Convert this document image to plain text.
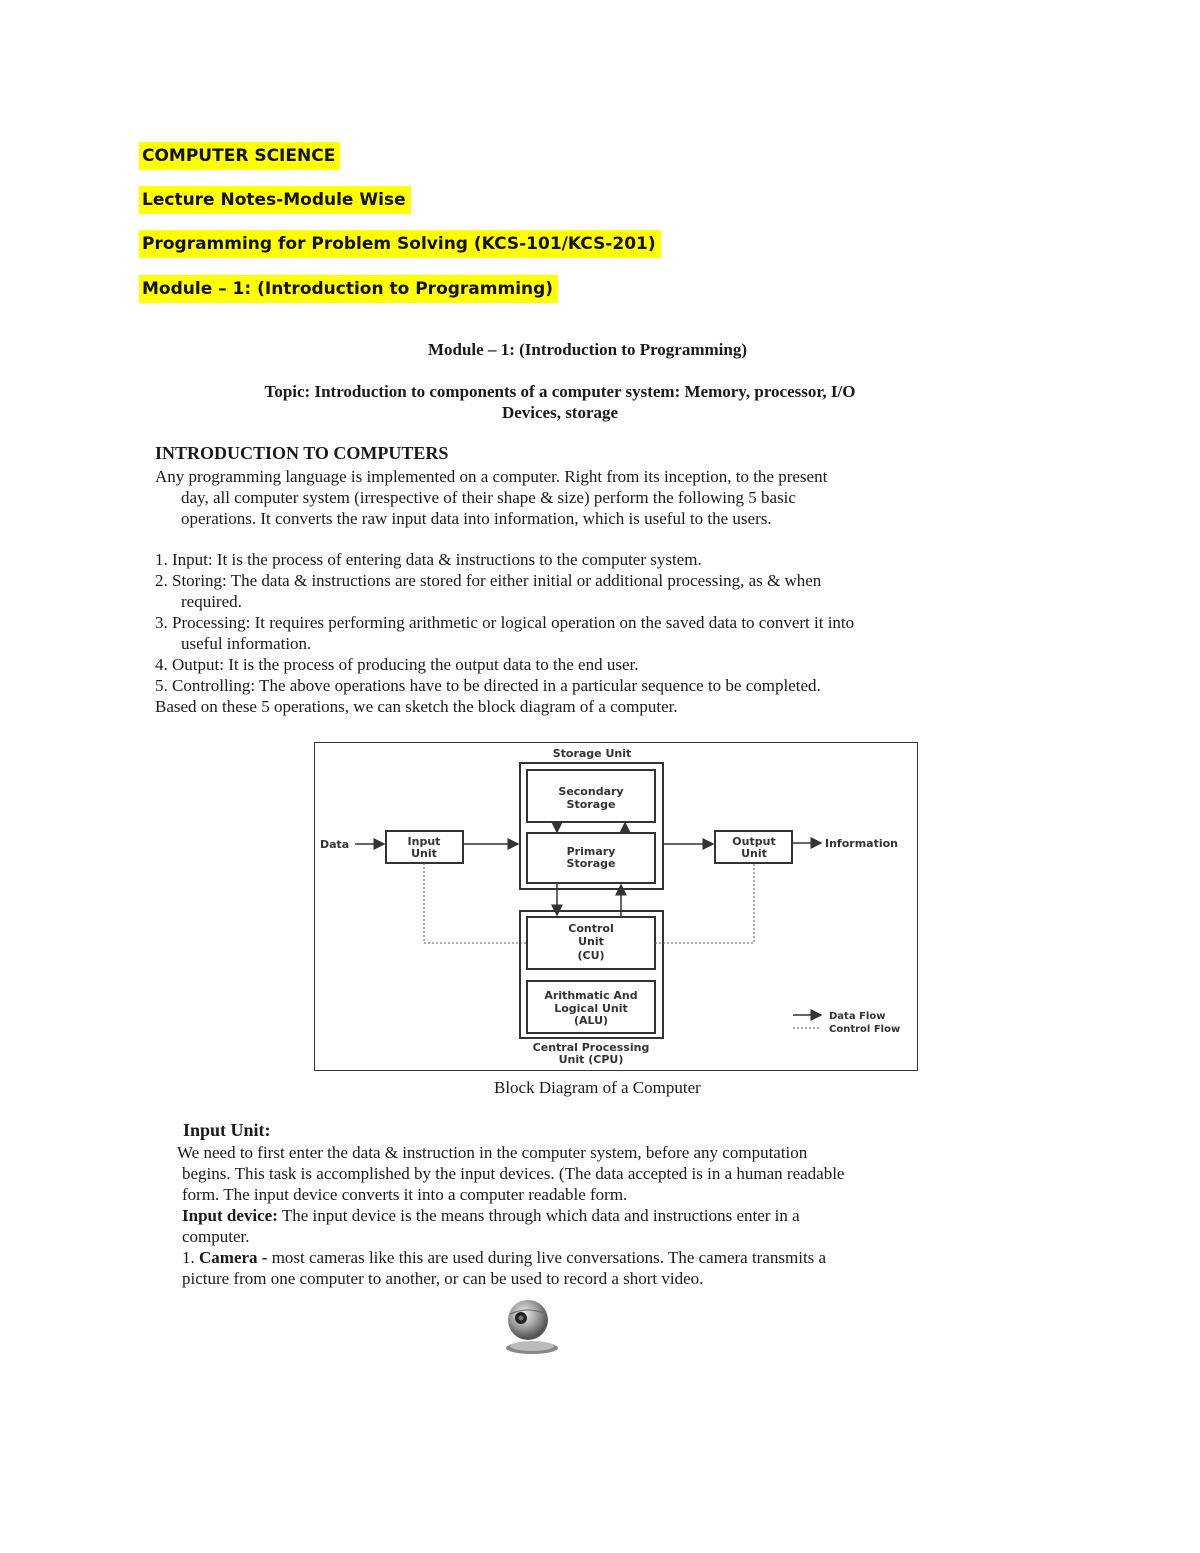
COMPUTER SCIENCE
Lecture Notes-Module Wise
Programming for Problem Solving (KCS-101/KCS-201)
Module – 1: (Introduction to Programming)
Module – 1: (Introduction to Programming)
Topic: Introduction to components of a computer system: Memory, processor, I/O
Devices, storage
INTRODUCTION TO COMPUTERS
Any programming language is implemented on a computer. Right from its inception, to the present
day, all computer system (irrespective of their shape & size) perform the following 5 basic
operations. It converts the raw input data into information, which is useful to the users.
1. Input: It is the process of entering data & instructions to the computer system.
2. Storing: The data & instructions are stored for either initial or additional processing, as & when
required.
3. Processing: It requires performing arithmetic or logical operation on the saved data to convert it into
useful information.
4. Output: It is the process of producing the output data to the end user.
5. Controlling: The above operations have to be directed in a particular sequence to be completed.
Based on these 5 operations, we can sketch the block diagram of a computer.
Storage Unit
Secondary
Storage
Primary
Storage
Data	Input
Unit
Output
Unit
Information
Control
Unit
(CU)
Arithmatic And
Logical Unit
(ALU)
Central Processing
Unit (CPU)
Data Flow
Control Flow
Block Diagram of a Computer
Input Unit:
We need to first enter the data & instruction in the computer system, before any computation
begins. This task is accomplished by the input devices. (The data accepted is in a human readable
form. The input device converts it into a computer readable form.
Input device: The input device is the means through which data and instructions enter in a
computer.
1. Camera - most cameras like this are used during live conversations. The camera transmits a
picture from one computer to another, or can be used to record a short video.
